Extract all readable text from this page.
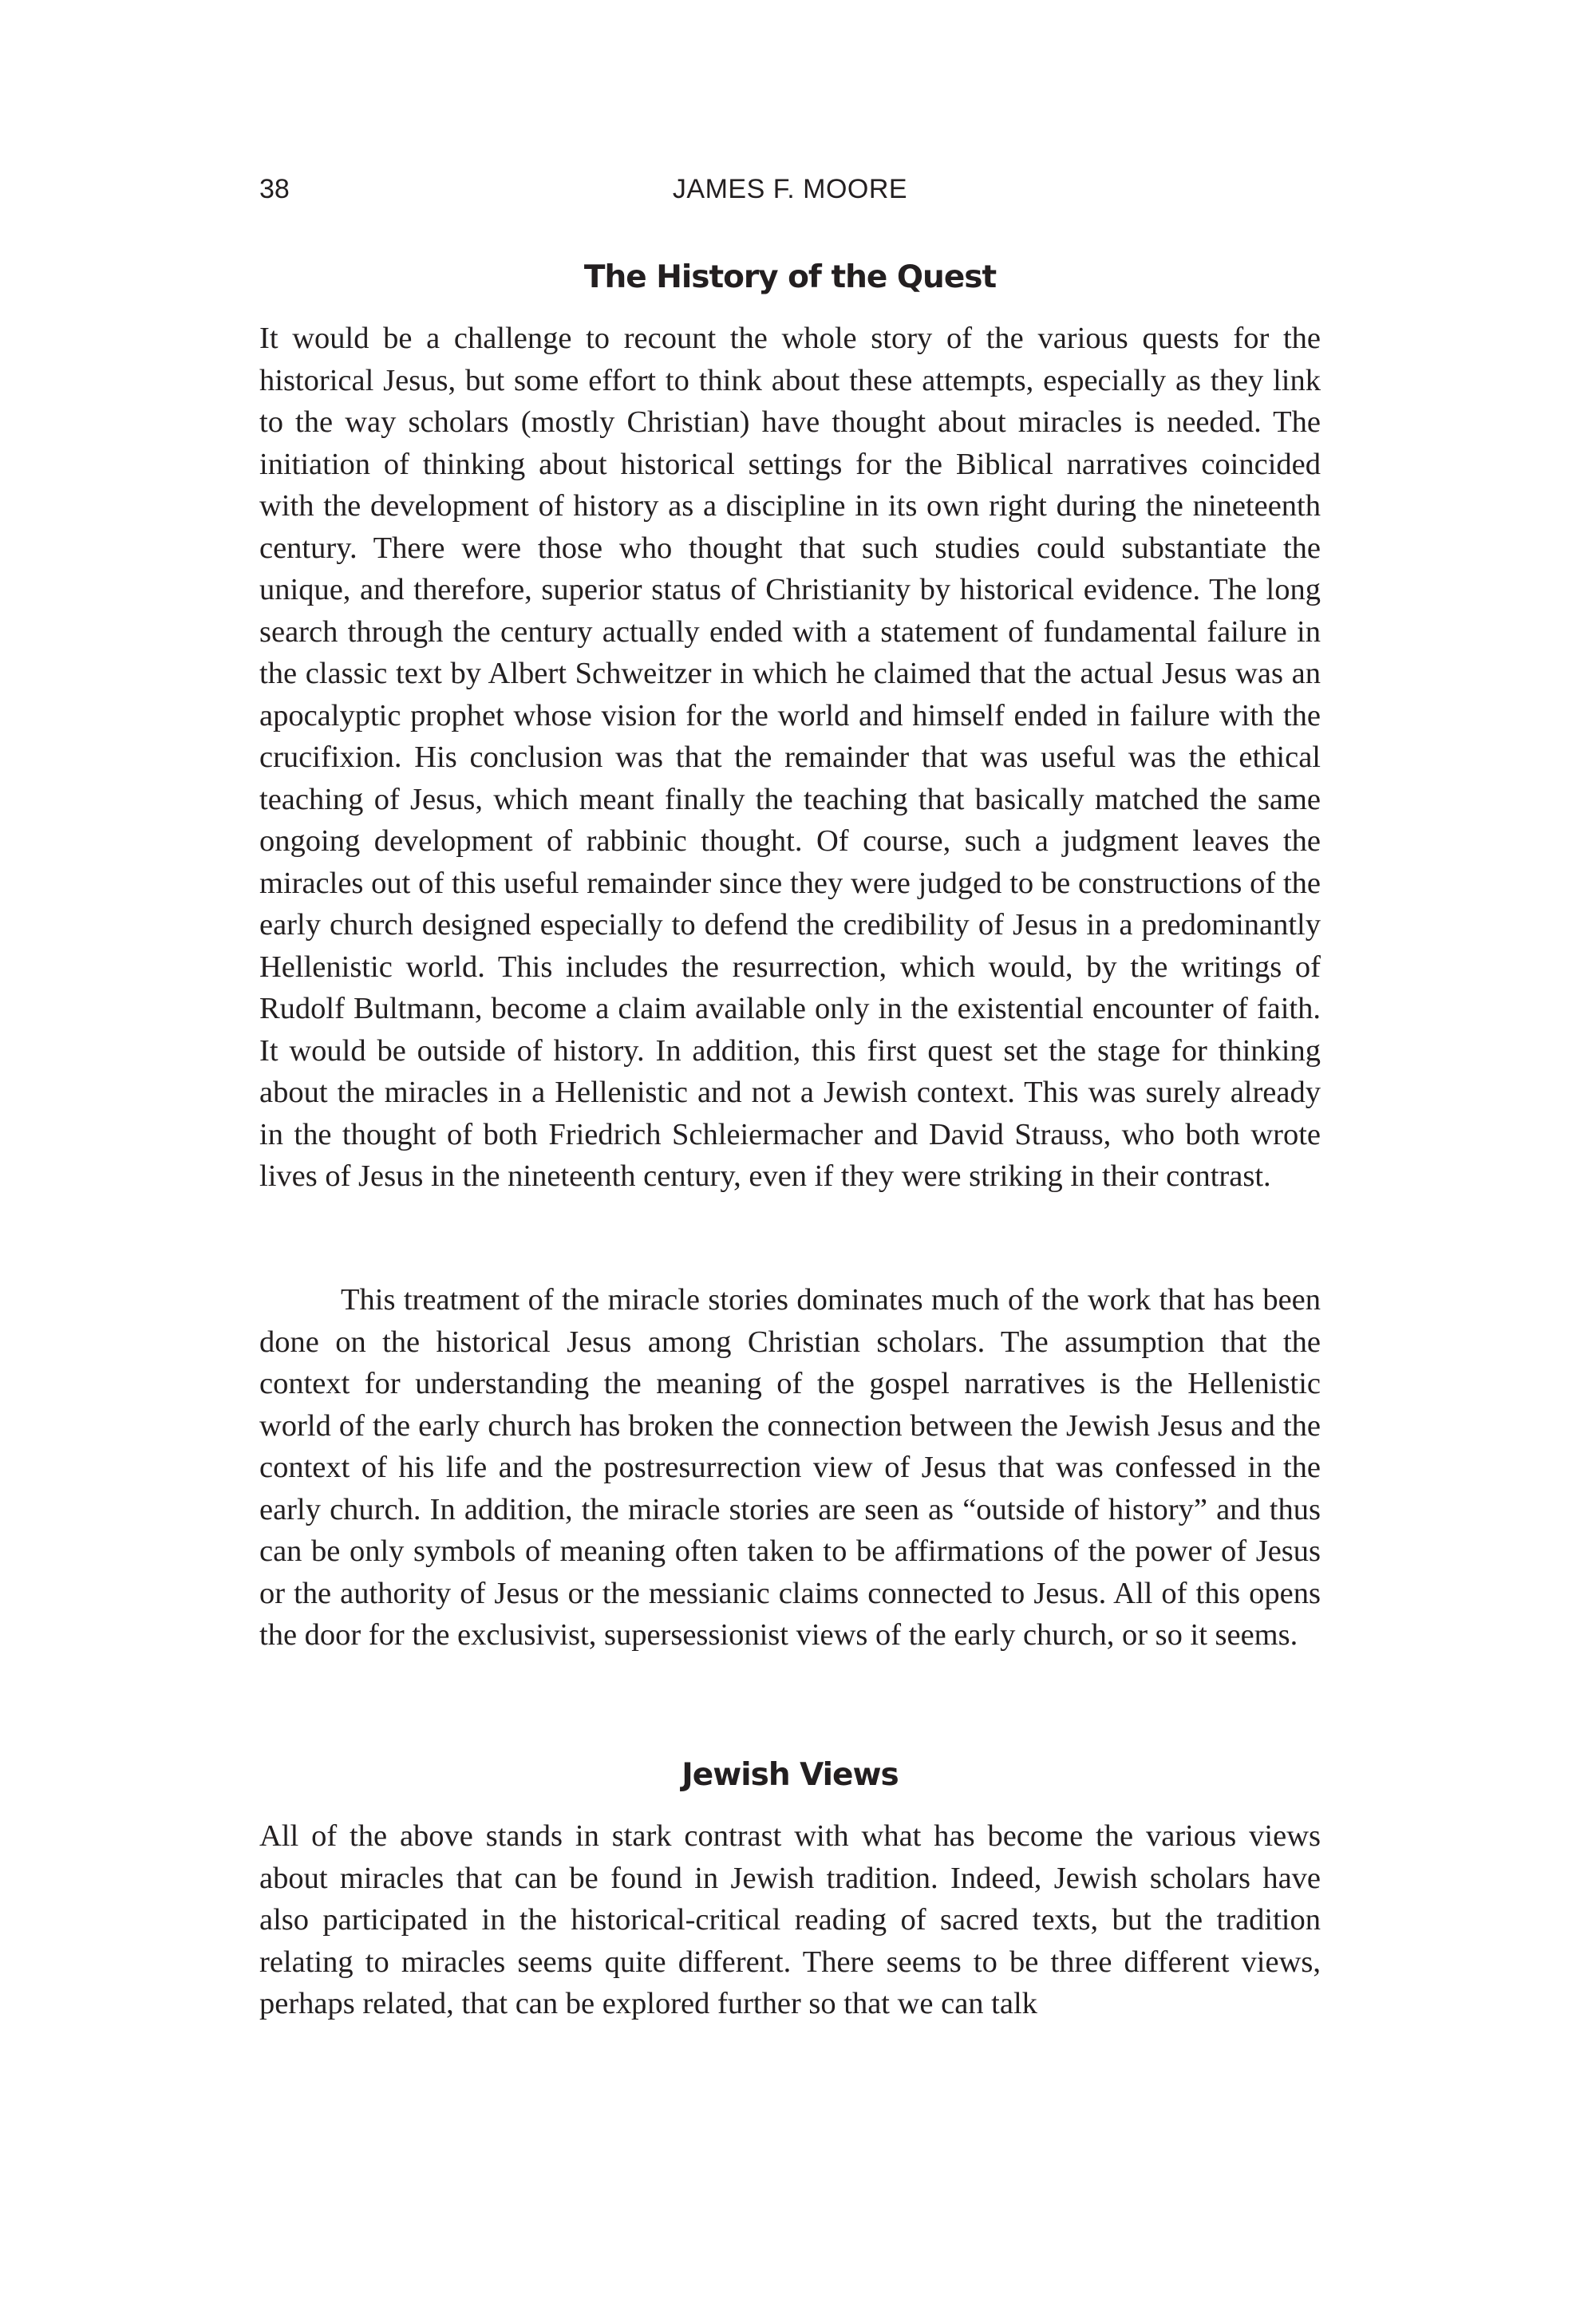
38	JAMES F. MOORE
The History of the Quest

It would be a challenge to recount the whole story of the various quests for the historical Jesus, but some effort to think about these attempts, especially as they link to the way scholars (mostly Christian) have thought about miracles is needed. The initiation of thinking about historical settings for the Biblical narratives coincided with the development of history as a discipline in its own right during the nineteenth century. There were those who thought that such studies could substantiate the unique, and therefore, superior status of Christianity by historical evidence. The long search through the century actually ended with a statement of fundamental failure in the classic text by Albert Schweitzer in which he claimed that the actual Jesus was an apocalyptic prophet whose vision for the world and himself ended in failure with the crucifixion. His conclusion was that the remainder that was useful was the ethical teaching of Jesus, which meant finally the teaching that basically matched the same ongoing development of rabbinic thought. Of course, such a judgment leaves the miracles out of this useful remainder since they were judged to be constructions of the early church designed especially to defend the credibility of Jesus in a predominantly Hellenistic world. This includes the resurrection, which would, by the writings of Rudolf Bultmann, become a claim available only in the existential encounter of faith. It would be outside of history. In addition, this first quest set the stage for thinking about the miracles in a Hellenistic and not a Jewish context. This was surely already in the thought of both Friedrich Schleiermacher and David Strauss, who both wrote lives of Jesus in the nineteenth century, even if they were striking in their contrast.

This treatment of the miracle stories dominates much of the work that has been done on the historical Jesus among Christian scholars. The assumption that the context for understanding the meaning of the gospel narratives is the Hellenistic world of the early church has broken the connection between the Jewish Jesus and the context of his life and the postresurrection view of Jesus that was confessed in the early church. In addition, the miracle stories are seen as “outside of history” and thus can be only symbols of meaning often taken to be affirmations of the power of Jesus or the authority of Jesus or the messianic claims connected to Jesus. All of this opens the door for the exclusivist, supersessionist views of the early church, or so it seems.

Jewish Views

All of the above stands in stark contrast with what has become the various views about miracles that can be found in Jewish tradition. Indeed, Jewish scholars have also participated in the historical-critical reading of sacred texts, but the tradition relating to miracles seems quite different. There seems to be three different views, perhaps related, that can be explored further so that we can talk
